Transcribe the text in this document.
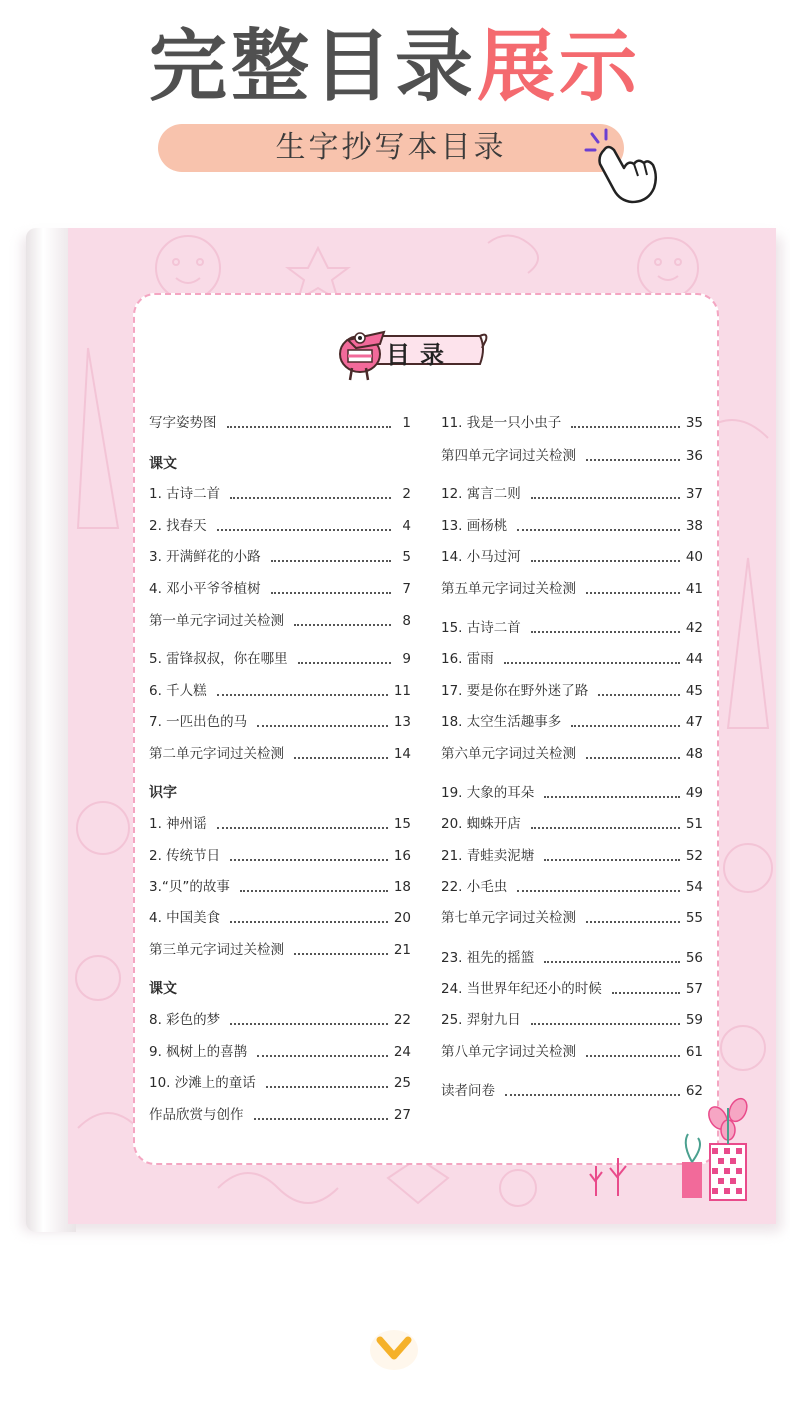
完整目录展示
生字抄写本目录
目录
写字姿势图	1
课文
1. 古诗二首	2
2. 找春天	4
3. 开满鲜花的小路	5
4. 邓小平爷爷植树	7
第一单元字词过关检测	8
5. 雷锋叔叔，你在哪里	9
6. 千人糕	11
7. 一匹出色的马	13
第二单元字词过关检测	14
识字
1. 神州谣	15
2. 传统节日	16
3.“贝”的故事	18
4. 中国美食	20
第三单元字词过关检测	21
课文
8. 彩色的梦	22
9. 枫树上的喜鹊	24
10. 沙滩上的童话	25
作品欣赏与创作	27
11. 我是一只小虫子	35
第四单元字词过关检测	36
12. 寓言二则	37
13. 画杨桃	38
14. 小马过河	40
第五单元字词过关检测	41
15. 古诗二首	42
16. 雷雨	44
17. 要是你在野外迷了路	45
18. 太空生活趣事多	47
第六单元字词过关检测	48
19. 大象的耳朵	49
20. 蜘蛛开店	51
21. 青蛙卖泥塘	52
22. 小毛虫	54
第七单元字词过关检测	55
23. 祖先的摇篮	56
24. 当世界年纪还小的时候	57
25. 羿射九日	59
第八单元字词过关检测	61
读者问卷	62
